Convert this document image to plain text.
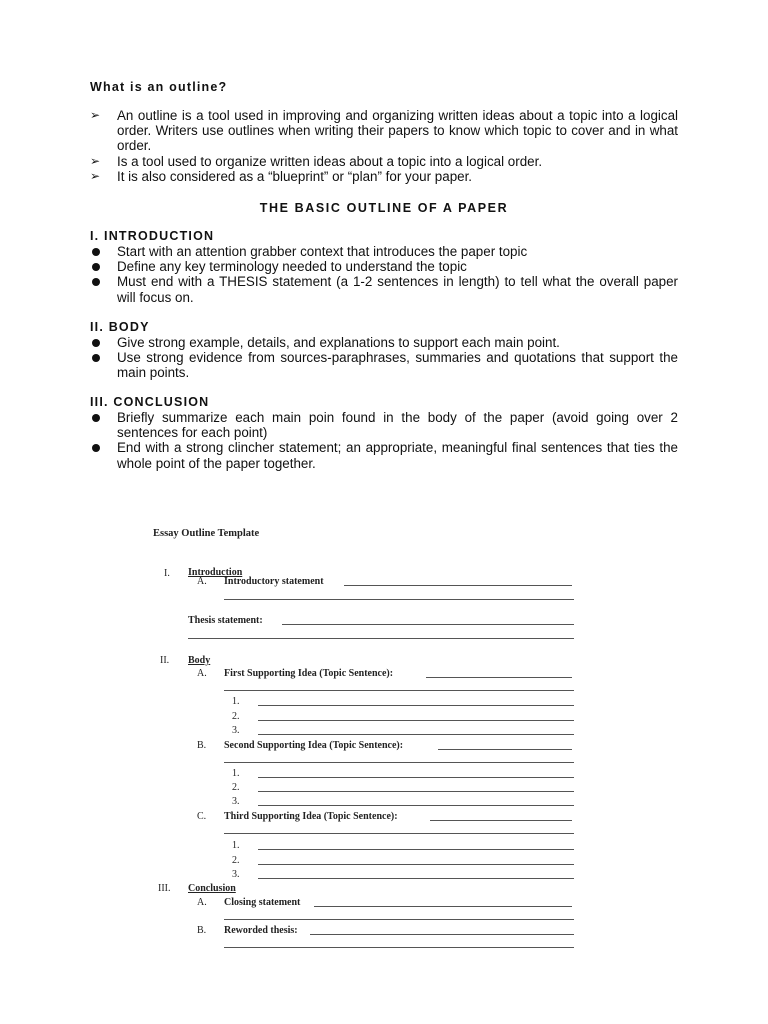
What is an outline?
➢ An outline is a tool used in improving and organizing written ideas about a topic into a logical order. Writers use outlines when writing their papers to know which topic to cover and in what order.
➢ Is a tool used to organize written ideas about a topic into a logical order.
➢ It is also considered as a “blueprint” or “plan” for your paper.
THE BASIC OUTLINE OF A PAPER
I. INTRODUCTION
Start with an attention grabber context that introduces the paper topic
Define any key terminology needed to understand the topic
Must end with a THESIS statement (a 1-2 sentences in length) to tell what the overall paper will focus on.
II. BODY
Give strong example, details, and explanations to support each main point.
Use strong evidence from sources-paraphrases, summaries and quotations that support the main points.
III. CONCLUSION
Briefly summarize each main poin found in the body of the paper (avoid going over 2 sentences for each point)
End with a strong clincher statement; an appropriate, meaningful final sentences that ties the whole point of the paper together.
Essay Outline Template
I. Introduction
A. Introductory statement
Thesis statement:
II. Body
A. First Supporting Idea (Topic Sentence):
1.
2.
3.
B. Second Supporting Idea (Topic Sentence):
1.
2.
3.
C. Third Supporting Idea (Topic Sentence):
1.
2.
3.
III. Conclusion
A. Closing statement
B. Reworded thesis:
